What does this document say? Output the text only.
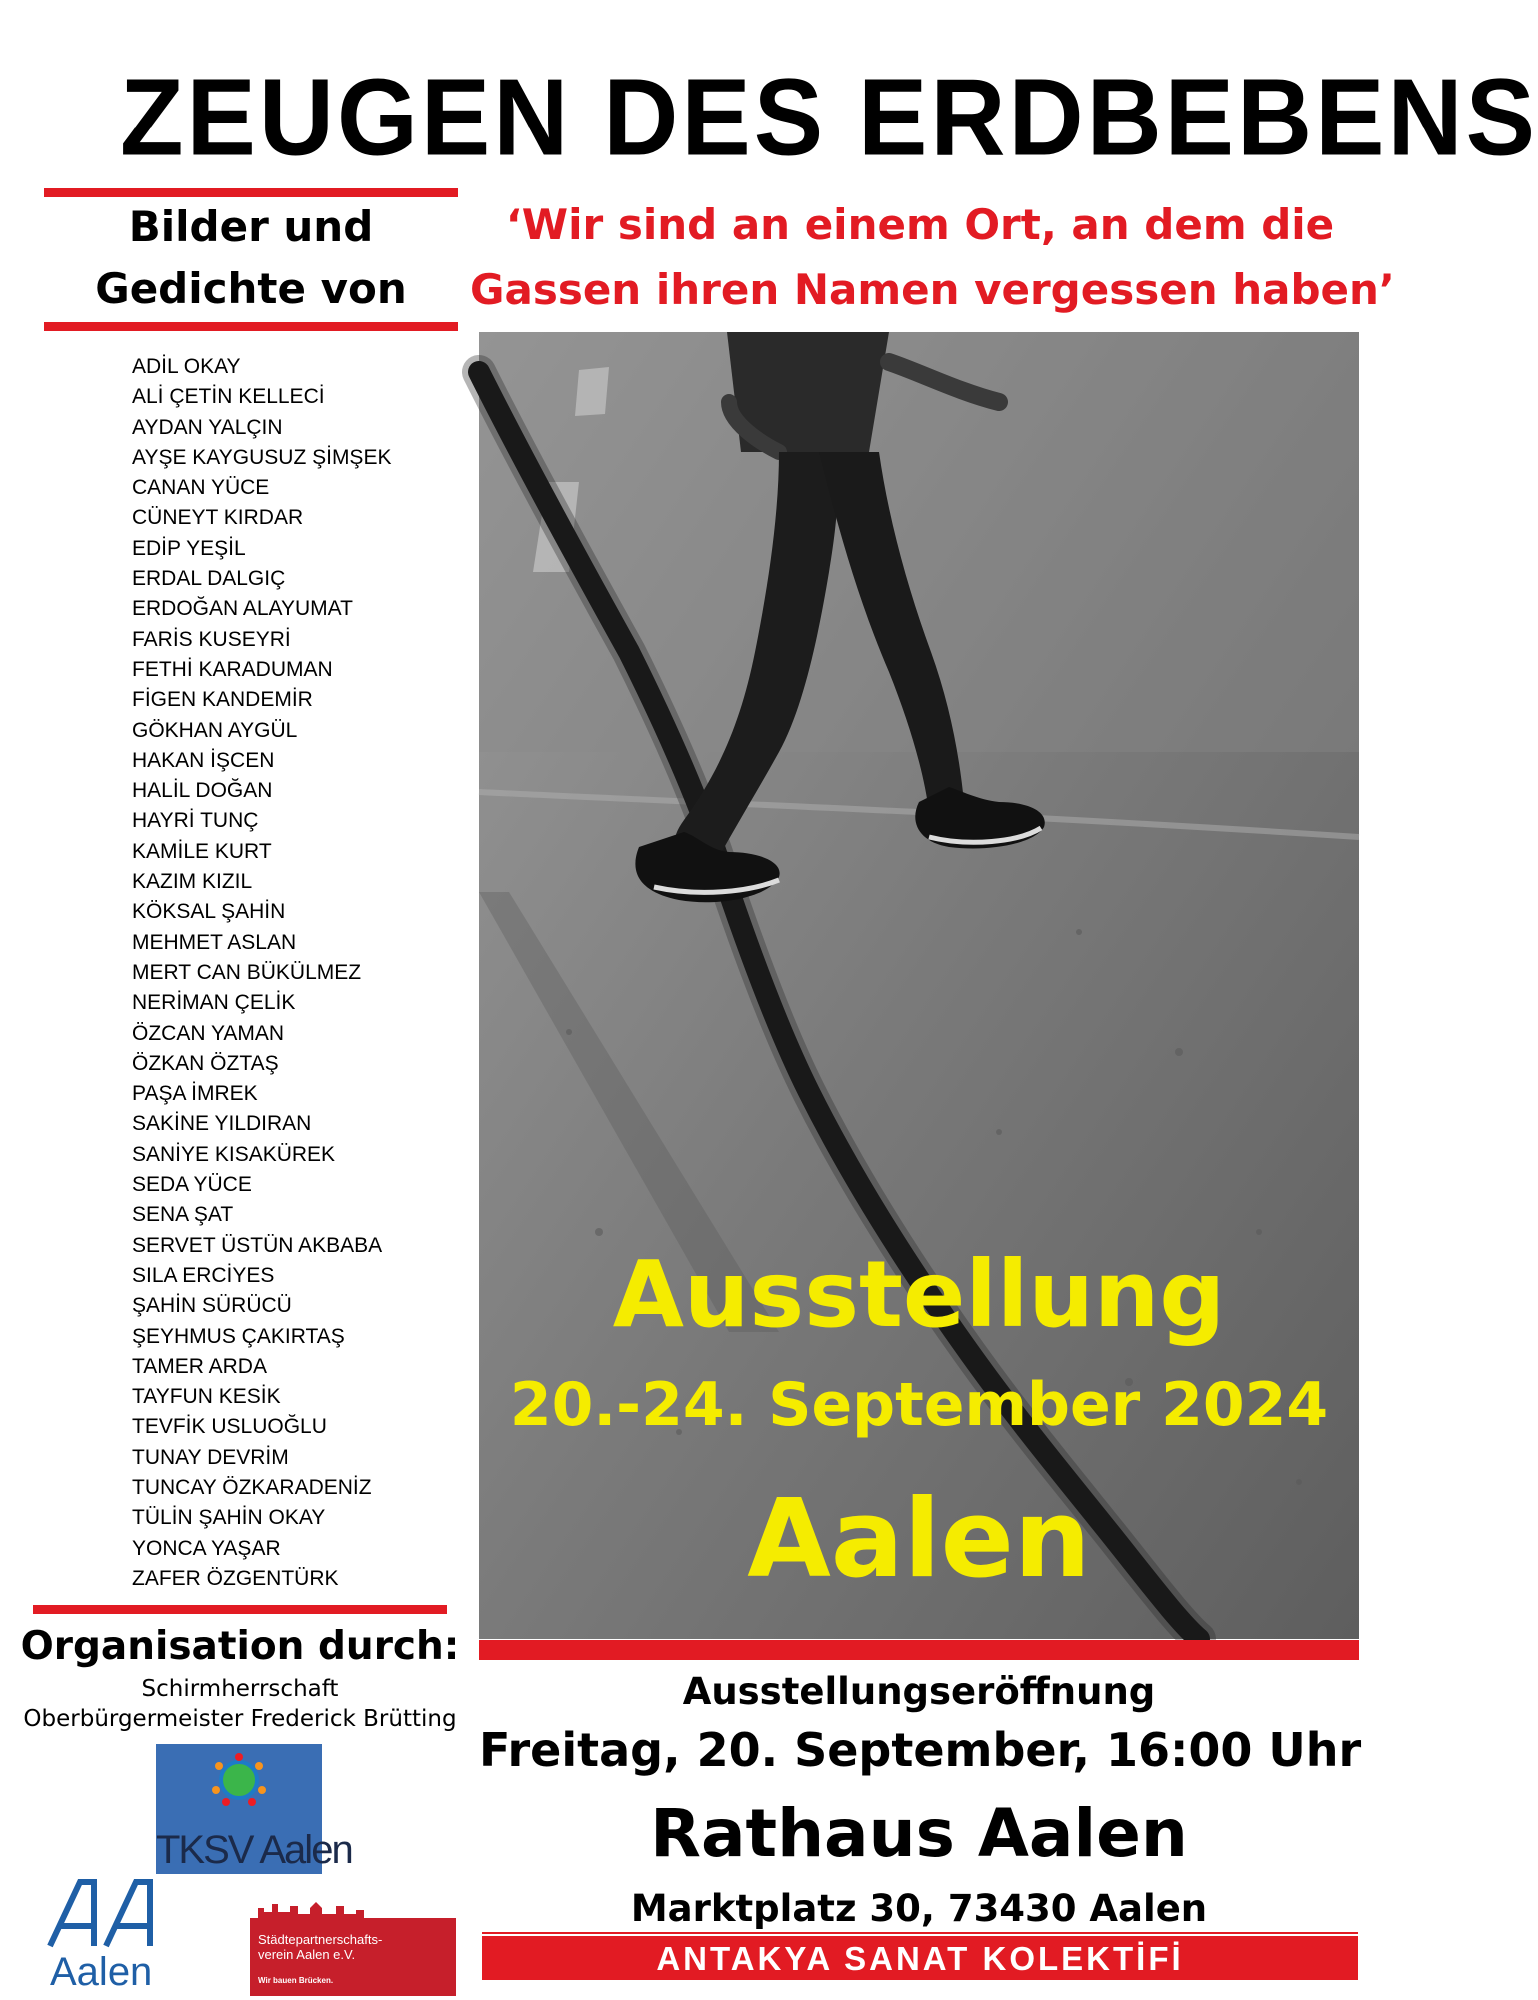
ZEUGEN DES ERDBEBENS
Bilder und
Gedichte von
‘Wir sind an einem Ort, an dem die
Gassen ihren Namen vergessen haben’
ADİL OKAY
ALİ ÇETİN KELLECİ
AYDAN YALÇIN
AYŞE KAYGUSUZ ŞİMŞEK
CANAN YÜCE
CÜNEYT KIRDAR
EDİP YEŞİL
ERDAL DALGIÇ
ERDOĞAN ALAYUMAT
FARİS KUSEYRİ
FETHİ KARADUMAN
FİGEN KANDEMİR
GÖKHAN AYGÜL
HAKAN İŞCEN
HALİL DOĞAN
HAYRİ TUNÇ
KAMİLE KURT
KAZIM KIZIL
KÖKSAL ŞAHİN
MEHMET ASLAN
MERT CAN BÜKÜLMEZ
NERİMAN ÇELİK
ÖZCAN YAMAN
ÖZKAN ÖZTAŞ
PAŞA İMREK
SAKİNE YILDIRAN
SANİYE KISAKÜREK
SEDA YÜCE
SENA ŞAT
SERVET ÜSTÜN AKBABA
SILA ERCİYES
ŞAHİN SÜRÜCÜ
ŞEYHMUS ÇAKIRTAŞ
TAMER ARDA
TAYFUN KESİK
TEVFİK USLUOĞLU
TUNAY DEVRİM
TUNCAY ÖZKARADENİZ
TÜLİN ŞAHİN OKAY
YONCA YAŞAR
ZAFER ÖZGENTÜRK
Ausstellung
20.-24. September 2024
Aalen
Organisation durch:
Schirmherrschaft
Oberbürgermeister Frederick Brütting
TKSV Aalen
Aalen
Städtepartnerschafts-
verein Aalen e.V.
Wir bauen Brücken.
Ausstellungseröffnung
Freitag, 20. September, 16:00 Uhr
Rathaus Aalen
Marktplatz 30, 73430 Aalen
ANTAKYA SANAT KOLEKTİFİ
